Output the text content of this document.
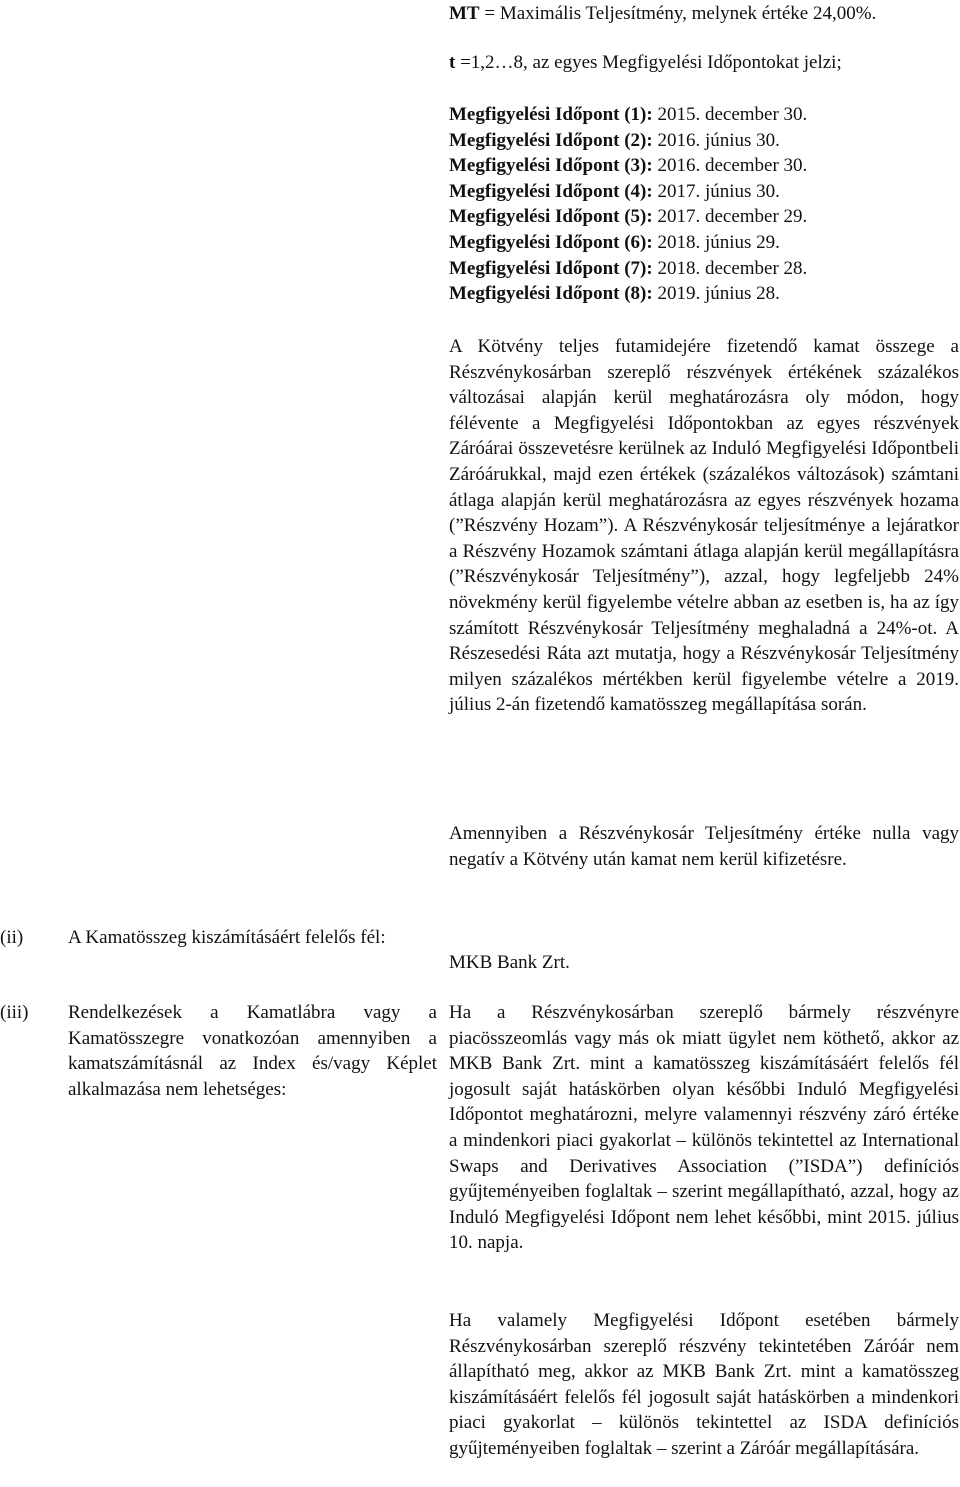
MT = Maximális Teljesítmény, melynek értéke 24,00%.
t =1,2…8, az egyes Megfigyelési Időpontokat jelzi;
Megfigyelési Időpont (1): 2015. december 30.
Megfigyelési Időpont (2): 2016. június 30.
Megfigyelési Időpont (3): 2016. december 30.
Megfigyelési Időpont (4): 2017. június 30.
Megfigyelési Időpont (5): 2017. december 29.
Megfigyelési Időpont (6): 2018. június 29.
Megfigyelési Időpont (7): 2018. december 28.
Megfigyelési Időpont (8): 2019. június 28.

A Kötvény teljes futamidejére fizetendő kamat összege a Részvénykosárban szereplő részvények értékének százalékos változásai alapján kerül meghatározásra oly módon, hogy félévente a Megfigyelési Időpontokban az egyes részvények Záróárai összevetésre kerülnek az Induló Megfigyelési Időpontbeli Záróárukkal, majd ezen értékek (százalékos változások) számtani átlaga alapján kerül meghatározásra az egyes részvények hozama (”Részvény Hozam”). A Részvénykosár teljesítménye a lejáratkor a Részvény Hozamok számtani átlaga alapján kerül megállapításra (”Részvénykosár Teljesítmény”), azzal, hogy legfeljebb 24% növekmény kerül figyelembe vételre abban az esetben is, ha az így számított Részvénykosár Teljesítmény meghaladná a 24%-ot. A Részesedési Ráta azt mutatja, hogy a Részvénykosár Teljesítmény milyen százalékos mértékben kerül figyelembe vételre a 2019. július 2-án fizetendő kamatösszeg megállapítása során.

Amennyiben a Részvénykosár Teljesítmény értéke nulla vagy negatív a Kötvény után kamat nem kerül kifizetésre.

(ii)	A Kamatösszeg kiszámításáért felelős fél:
MKB Bank Zrt.
(iii)	Rendelkezések a Kamatlábra vagy a Kamatösszegre vonatkozóan amennyiben a kamatszámításnál az Index és/vagy Képlet alkalmazása nem lehetséges:

Ha a Részvénykosárban szereplő bármely részvényre piacösszeomlás vagy más ok miatt ügylet nem köthető, akkor az MKB Bank Zrt. mint a kamatösszeg kiszámításáért felelős fél jogosult saját hatáskörben olyan későbbi Induló Megfigyelési Időpontot meghatározni, melyre valamennyi részvény záró értéke a mindenkori piaci gyakorlat – különös tekintettel az International Swaps and Derivatives Association (”ISDA”) definíciós gyűjteményeiben foglaltak – szerint megállapítható, azzal, hogy az Induló Megfigyelési Időpont nem lehet későbbi, mint 2015. július 10. napja.

Ha valamely Megfigyelési Időpont esetében bármely Részvénykosárban szereplő részvény tekintetében Záróár nem állapítható meg, akkor az MKB Bank Zrt. mint a kamatösszeg kiszámításáért felelős fél jogosult saját hatáskörben a mindenkori piaci gyakorlat – különös tekintettel az ISDA definíciós gyűjteményeiben foglaltak – szerint a Záróár megállapítására.
